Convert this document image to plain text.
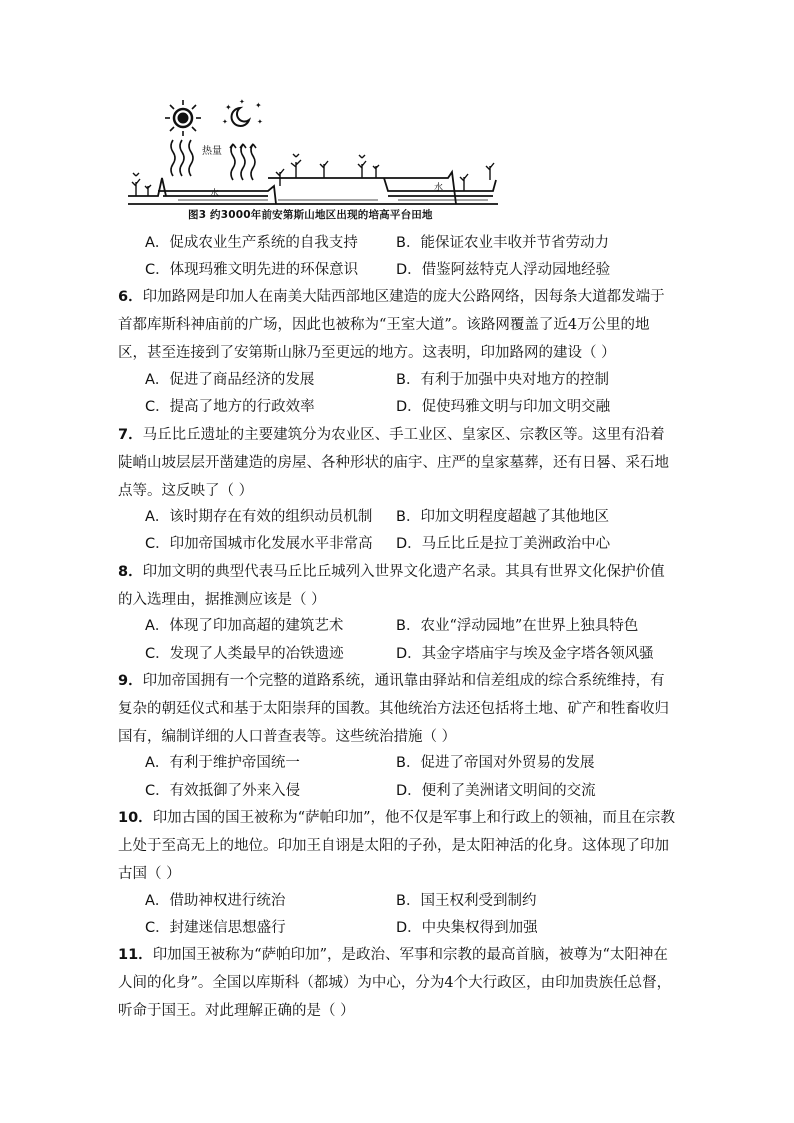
✦	✦
✦	✦
✦
热量
水
水
图3 约3000年前安第斯山地区出现的培高平台田地
A．促成农业生产系统的自我支持	B．能保证农业丰收并节省劳动力
C．体现玛雅文明先进的环保意识	D．借鉴阿兹特克人浮动园地经验
6．印加路网是印加人在南美大陆西部地区建造的庞大公路网络，因每条大道都发端于首都库斯科神庙前的广场，因此也被称为“王室大道”。该路网覆盖了近4万公里的地区，甚至连接到了安第斯山脉乃至更远的地方。这表明，印加路网的建设（ ）
A．促进了商品经济的发展	B．有利于加强中央对地方的控制
C．提高了地方的行政效率	D．促使玛雅文明与印加文明交融
7．马丘比丘遗址的主要建筑分为农业区、手工业区、皇家区、宗教区等。这里有沿着陡峭山坡层层开凿建造的房屋、各种形状的庙宇、庄严的皇家墓葬，还有日晷、采石地点等。这反映了（ ）
A．该时期存在有效的组织动员机制 B．印加文明程度超越了其他地区
C．印加帝国城市化发展水平非常高 D．马丘比丘是拉丁美洲政治中心
8．印加文明的典型代表马丘比丘城列入世界文化遗产名录。其具有世界文化保护价值的入选理由，据推测应该是（ ）
A．体现了印加高超的建筑艺术	B．农业“浮动园地”在世界上独具特色
C．发现了人类最早的冶铁遗迹	D．其金字塔庙宇与埃及金字塔各领风骚
9．印加帝国拥有一个完整的道路系统，通讯靠由驿站和信差组成的综合系统维持，有复杂的朝廷仪式和基于太阳崇拜的国教。其他统治方法还包括将土地、矿产和牲畜收归国有，编制详细的人口普查表等。这些统治措施（ ）
A．有利于维护帝国统一	B．促进了帝国对外贸易的发展
C．有效抵御了外来入侵	D．便利了美洲诸文明间的交流
10．印加古国的国王被称为“萨帕印加”，他不仅是军事上和行政上的领袖，而且在宗教上处于至高无上的地位。印加王自诩是太阳的子孙，是太阳神活的化身。这体现了印加古国（ ）
A．借助神权进行统治	B．国王权利受到制约
C．封建迷信思想盛行	D．中央集权得到加强
11．印加国王被称为“萨帕印加”，是政治、军事和宗教的最高首脑，被尊为“太阳神在人间的化身”。全国以库斯科（都城）为中心，分为4个大行政区，由印加贵族任总督，听命于国王。对此理解正确的是（ ）
